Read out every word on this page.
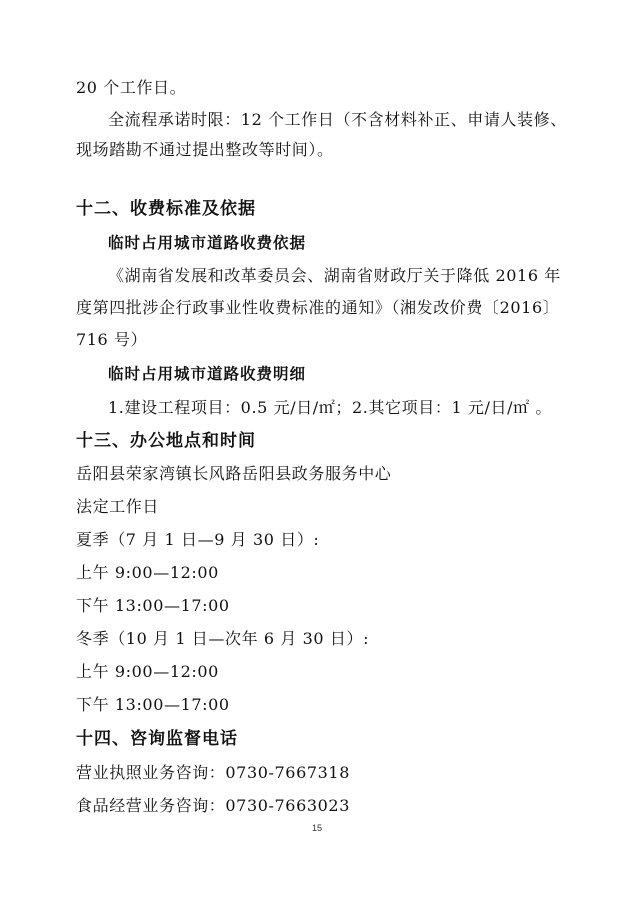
20 个工作日。
全流程承诺时限：12 个工作日（不含材料补正、申请人装修、
现场踏勘不通过提出整改等时间）。
十二、收费标准及依据
临时占用城市道路收费依据
《湖南省发展和改革委员会、湖南省财政厅关于降低 2016 年
度第四批涉企行政事业性收费标准的通知》（湘发改价费〔2016〕
716 号）
临时占用城市道路收费明细
1.建设工程项目：0.5 元/日/㎡；2.其它项目：1 元/日/㎡ 。
十三、办公地点和时间
岳阳县荣家湾镇长风路岳阳县政务服务中心
法定工作日
夏季（7 月 1 日—9 月 30 日）:
上午 9:00—12:00
下午 13:00—17:00
冬季（10 月 1 日—次年 6 月 30 日）:
上午 9:00—12:00
下午 13:00—17:00
十四、咨询监督电话
营业执照业务咨询：0730-7667318
食品经营业务咨询：0730-7663023
15
